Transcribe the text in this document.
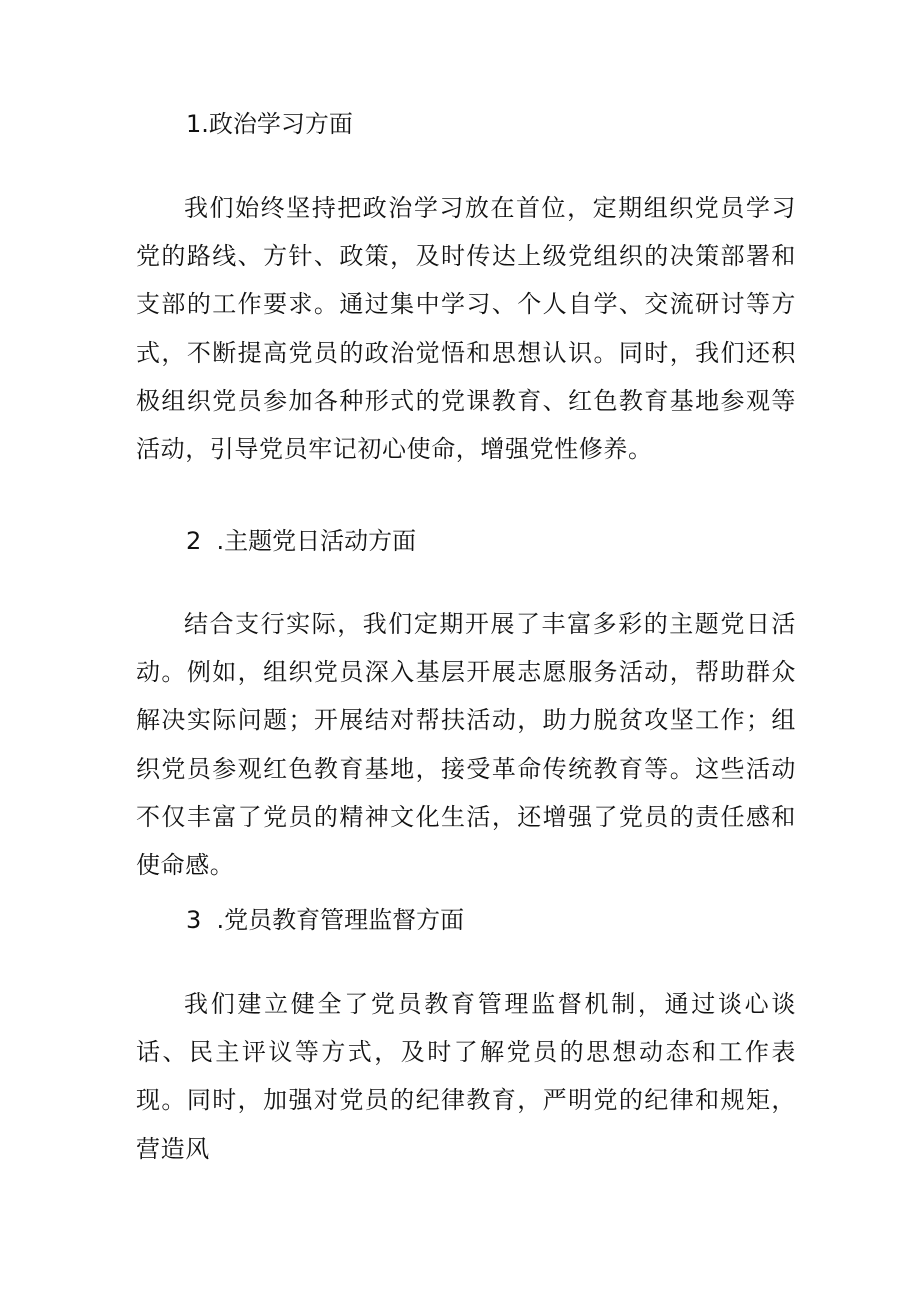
1.政治学习方面

我们始终坚持把政治学习放在首位，定期组织党员学习党的路线、方针、政策，及时传达上级党组织的决策部署和支部的工作要求。通过集中学习、个人自学、交流研讨等方式，不断提高党员的政治觉悟和思想认识。同时，我们还积极组织党员参加各种形式的党课教育、红色教育基地参观等活动，引导党员牢记初心使命，增强党性修养。

2  .主题党日活动方面

结合支行实际，我们定期开展了丰富多彩的主题党日活动。例如，组织党员深入基层开展志愿服务活动，帮助群众解决实际问题；开展结对帮扶活动，助力脱贫攻坚工作；组织党员参观红色教育基地，接受革命传统教育等。这些活动不仅丰富了党员的精神文化生活，还增强了党员的责任感和使命感。

3  .党员教育管理监督方面

我们建立健全了党员教育管理监督机制，通过谈心谈话、民主评议等方式，及时了解党员的思想动态和工作表现。同时，加强对党员的纪律教育，严明党的纪律和规矩，营造风
